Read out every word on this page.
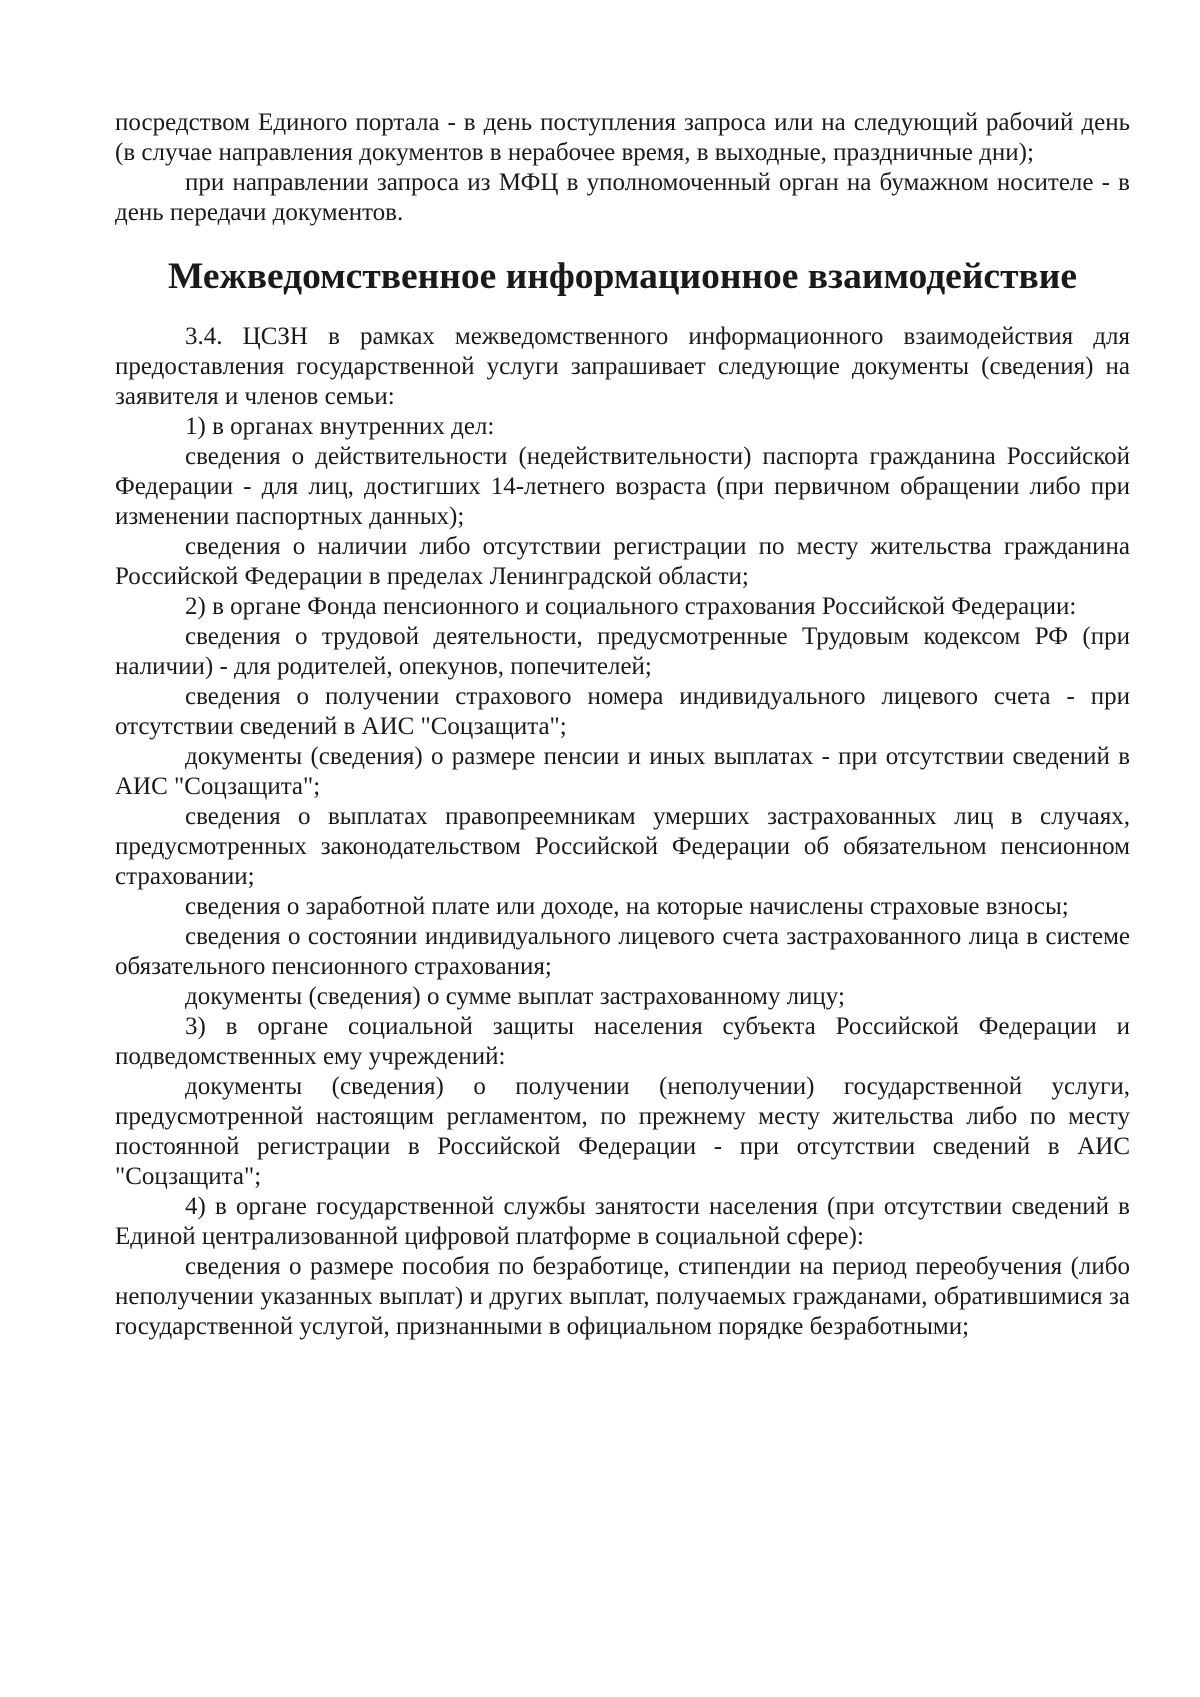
посредством Единого портала - в день поступления запроса или на следующий рабочий день (в случае направления документов в нерабочее время, в выходные, праздничные дни);

при направлении запроса из МФЦ в уполномоченный орган на бумажном носителе - в день передачи документов.

Межведомственное информационное взаимодействие

3.4. ЦСЗН в рамках межведомственного информационного взаимодействия для предоставления государственной услуги запрашивает следующие документы (сведения) на заявителя и членов семьи:

1) в органах внутренних дел:

сведения о действительности (недействительности) паспорта гражданина Российской Федерации - для лиц, достигших 14-летнего возраста (при первичном обращении либо при изменении паспортных данных);

сведения о наличии либо отсутствии регистрации по месту жительства гражданина Российской Федерации в пределах Ленинградской области;

2) в органе Фонда пенсионного и социального страхования Российской Федерации:

сведения о трудовой деятельности, предусмотренные Трудовым кодексом РФ (при наличии) - для родителей, опекунов, попечителей;

сведения о получении страхового номера индивидуального лицевого счета - при отсутствии сведений в АИС "Соцзащита";

документы (сведения) о размере пенсии и иных выплатах - при отсутствии сведений в АИС "Соцзащита";

сведения о выплатах правопреемникам умерших застрахованных лиц в случаях, предусмотренных законодательством Российской Федерации об обязательном пенсионном страховании;

сведения о заработной плате или доходе, на которые начислены страховые взносы;

сведения о состоянии индивидуального лицевого счета застрахованного лица в системе обязательного пенсионного страхования;

документы (сведения) о сумме выплат застрахованному лицу;

3) в органе социальной защиты населения субъекта Российской Федерации и подведомственных ему учреждений:

документы (сведения) о получении (неполучении) государственной услуги, предусмотренной настоящим регламентом, по прежнему месту жительства либо по месту постоянной регистрации в Российской Федерации - при отсутствии сведений в АИС "Соцзащита";

4) в органе государственной службы занятости населения (при отсутствии сведений в Единой централизованной цифровой платформе в социальной сфере):

сведения о размере пособия по безработице, стипендии на период переобучения (либо неполучении указанных выплат) и других выплат, получаемых гражданами, обратившимися за государственной услугой, признанными в официальном порядке безработными;
